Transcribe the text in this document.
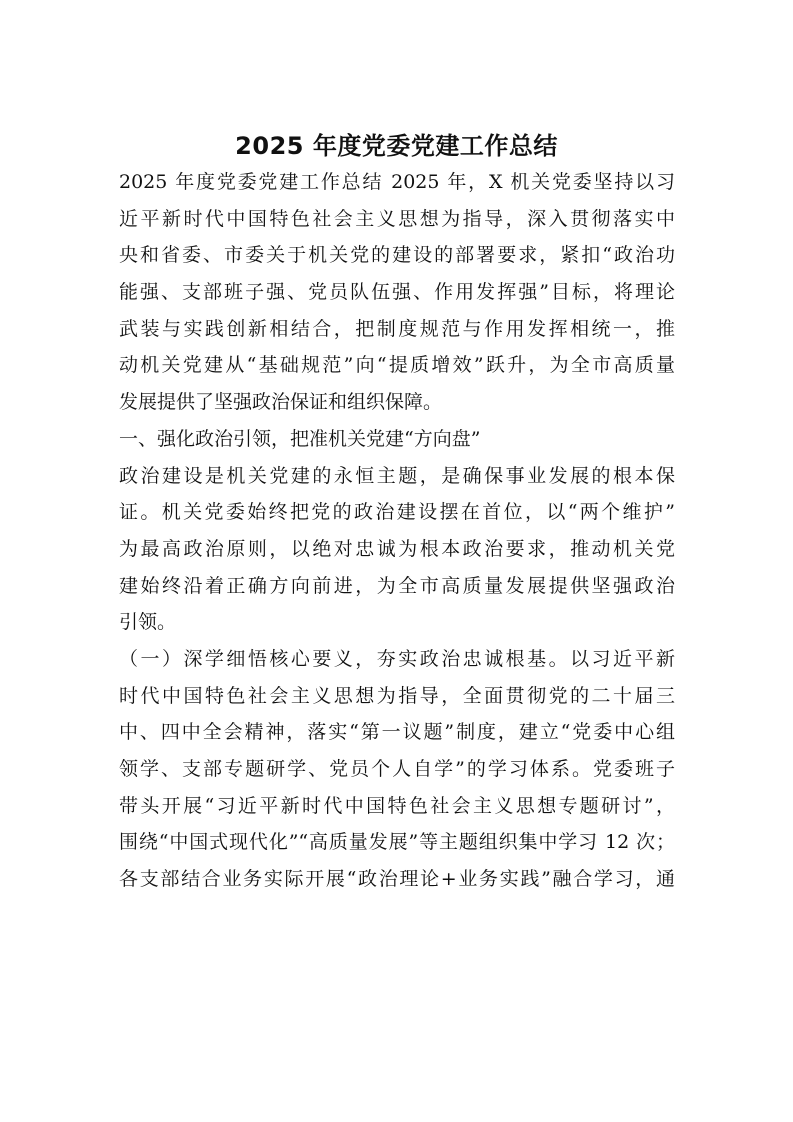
2025 年度党委党建工作总结
2025 年度党委党建工作总结 2025 年，X 机关党委坚持以习
近平新时代中国特色社会主义思想为指导，深入贯彻落实中
央和省委、市委关于机关党的建设的部署要求，紧扣“政治功
能强、支部班子强、党员队伍强、作用发挥强”目标，将理论
武装与实践创新相结合，把制度规范与作用发挥相统一，推
动机关党建从“基础规范”向“提质增效”跃升，为全市高质量
发展提供了坚强政治保证和组织保障。
一、强化政治引领，把准机关党建“方向盘”
政治建设是机关党建的永恒主题，是确保事业发展的根本保
证。机关党委始终把党的政治建设摆在首位，以“两个维护”
为最高政治原则，以绝对忠诚为根本政治要求，推动机关党
建始终沿着正确方向前进，为全市高质量发展提供坚强政治
引领。
（一）深学细悟核心要义，夯实政治忠诚根基。以习近平新
时代中国特色社会主义思想为指导，全面贯彻党的二十届三
中、四中全会精神，落实“第一议题”制度，建立“党委中心组
领学、支部专题研学、党员个人自学”的学习体系。党委班子
带头开展“习近平新时代中国特色社会主义思想专题研讨”，
围绕“中国式现代化”“高质量发展”等主题组织集中学习 12 次；
各支部结合业务实际开展“政治理论+业务实践”融合学习，通
